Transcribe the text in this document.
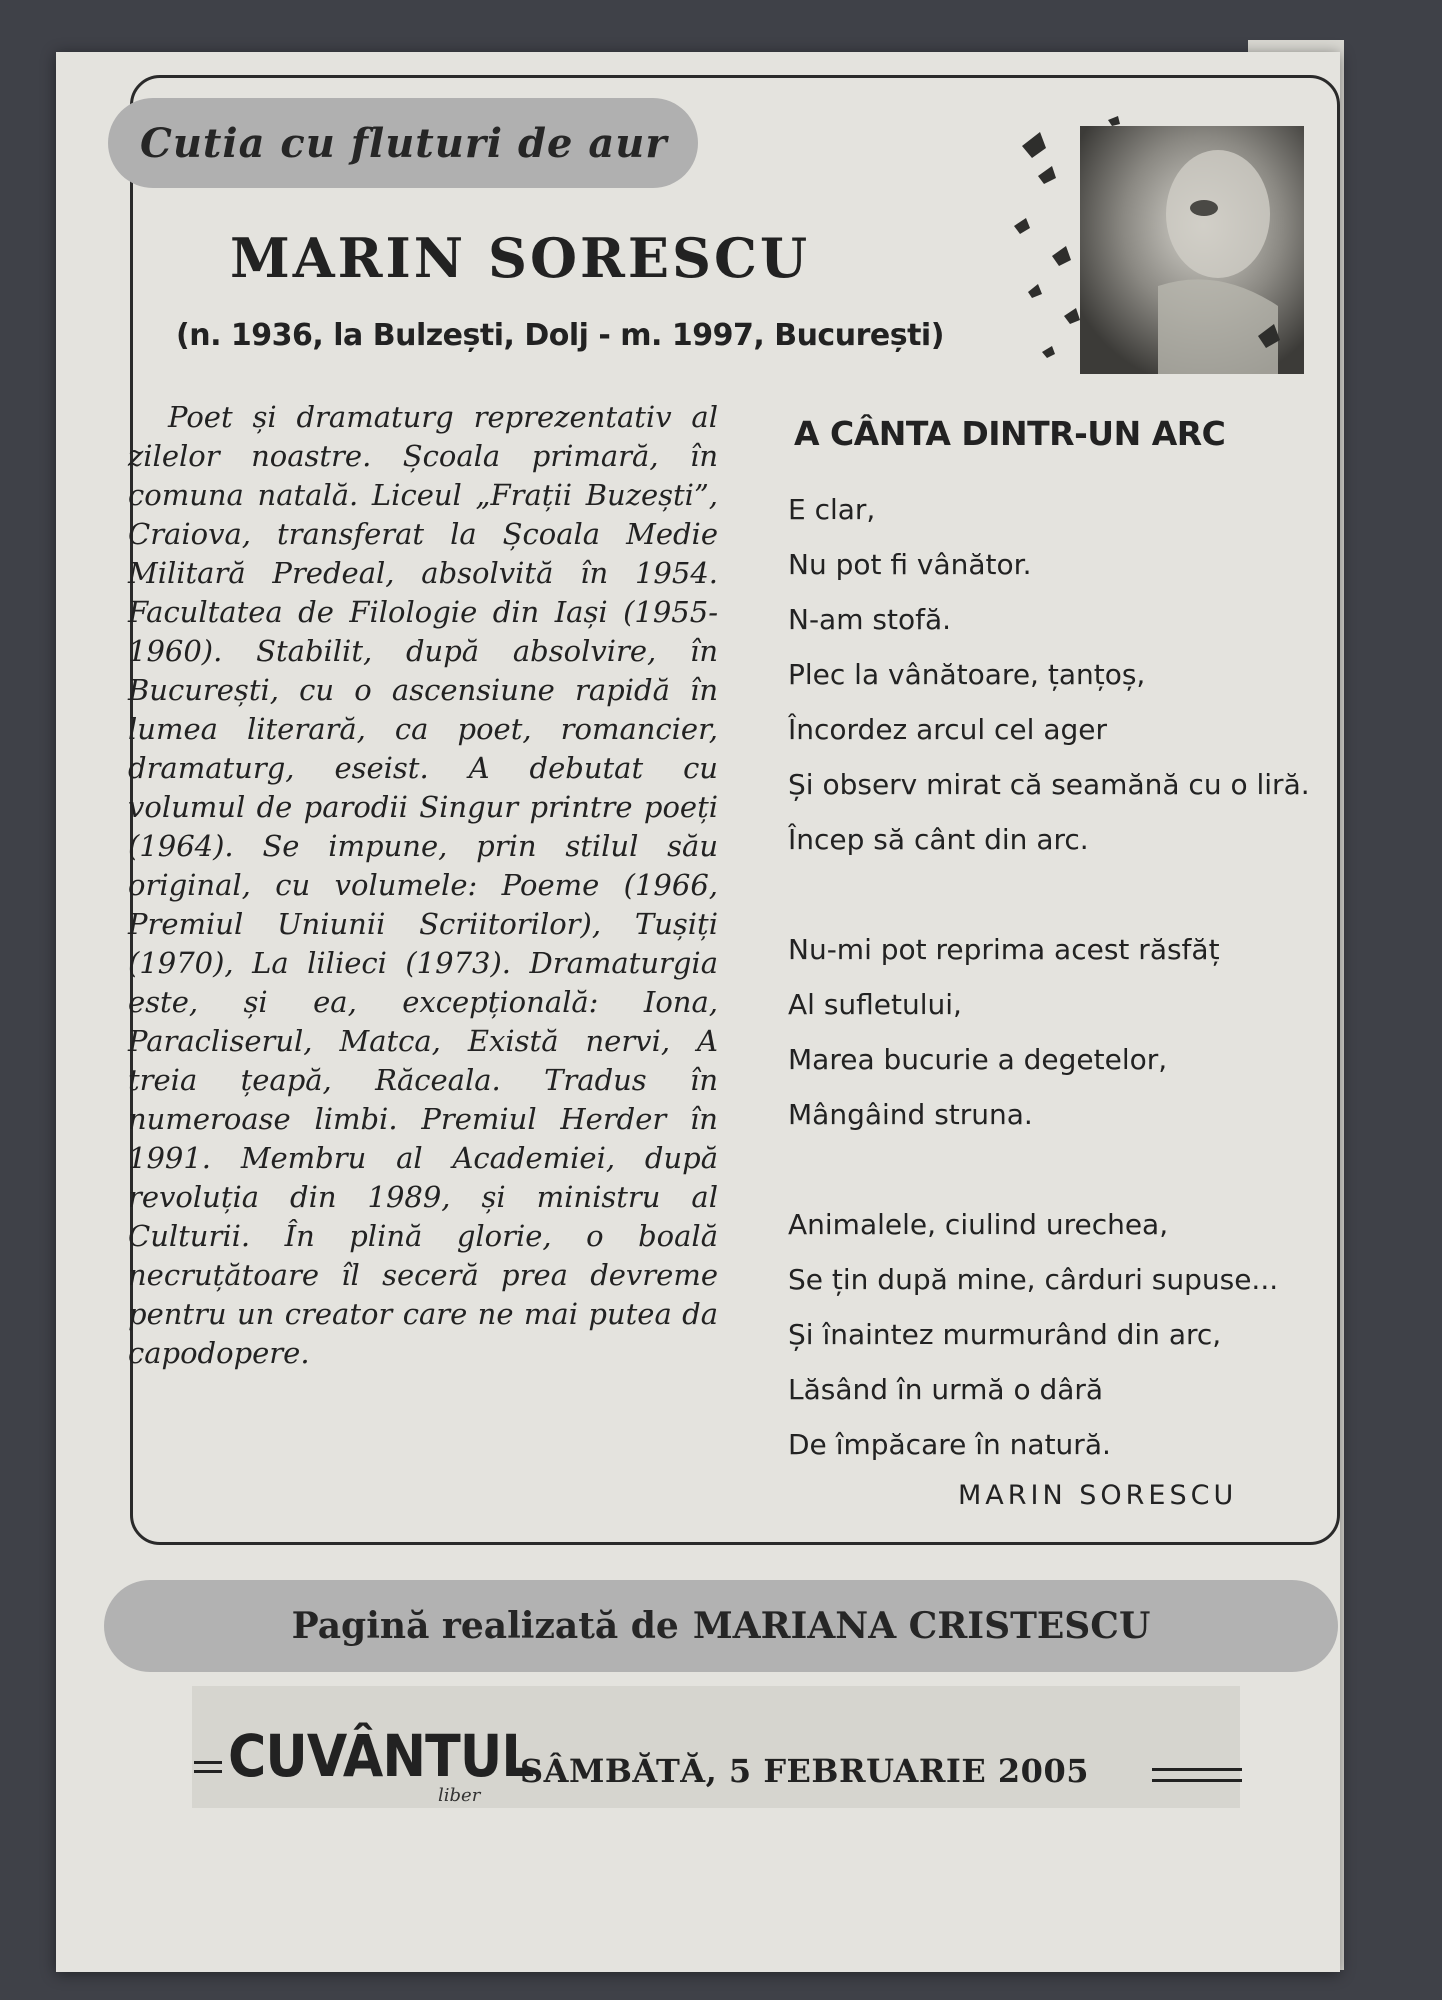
Cutia cu fluturi de aur
MARIN SORESCU
(n. 1936, la Bulzești, Dolj - m. 1997, București)

Poet și dramaturg reprezentativ al zilelor noastre. Școala primară, în comuna natală. Liceul „Frații Buzești”, Craiova, transferat la Școala Medie Militară Predeal, absolvită în 1954. Facultatea de Filologie din Iași (1955-1960). Stabilit, după absolvire, în București, cu o ascensiune rapidă în lumea literară, ca poet, romancier, dramaturg, eseist. A debutat cu volumul de parodii Singur printre poeți (1964). Se impune, prin stilul său original, cu volumele: Poeme (1966, Premiul Uniunii Scriitorilor), Tușiți (1970), La lilieci (1973). Dramaturgia este, și ea, excepțională: Iona, Paracliserul, Matca, Există nervi, A treia țeapă, Răceala. Tradus în numeroase limbi. Premiul Herder în 1991. Membru al Academiei, după revoluția din 1989, și ministru al Culturii. În plină glorie, o boală necruțătoare îl seceră prea devreme pentru un creator care ne mai putea da capodopere.

A CÂNTA DINTR-UN ARC
E clar,
Nu pot fi vânător.
N-am stofă.
Plec la vânătoare, țanțoș,
Încordez arcul cel ager
Și observ mirat că seamănă cu o liră.
Încep să cânt din arc.
Nu-mi pot reprima acest răsfăț
Al sufletului,
Marea bucurie a degetelor,
Mângâind struna.
Animalele, ciulind urechea,
Se țin după mine, cârduri supuse...
Și înaintez murmurând din arc,
Lăsând în urmă o dâră
De împăcare în natură.
MARIN SORESCU
Pagină realizată de MARIANA CRISTESCU
CUVÂNTUL
liber
SÂMBĂTĂ, 5 FEBRUARIE 2005
